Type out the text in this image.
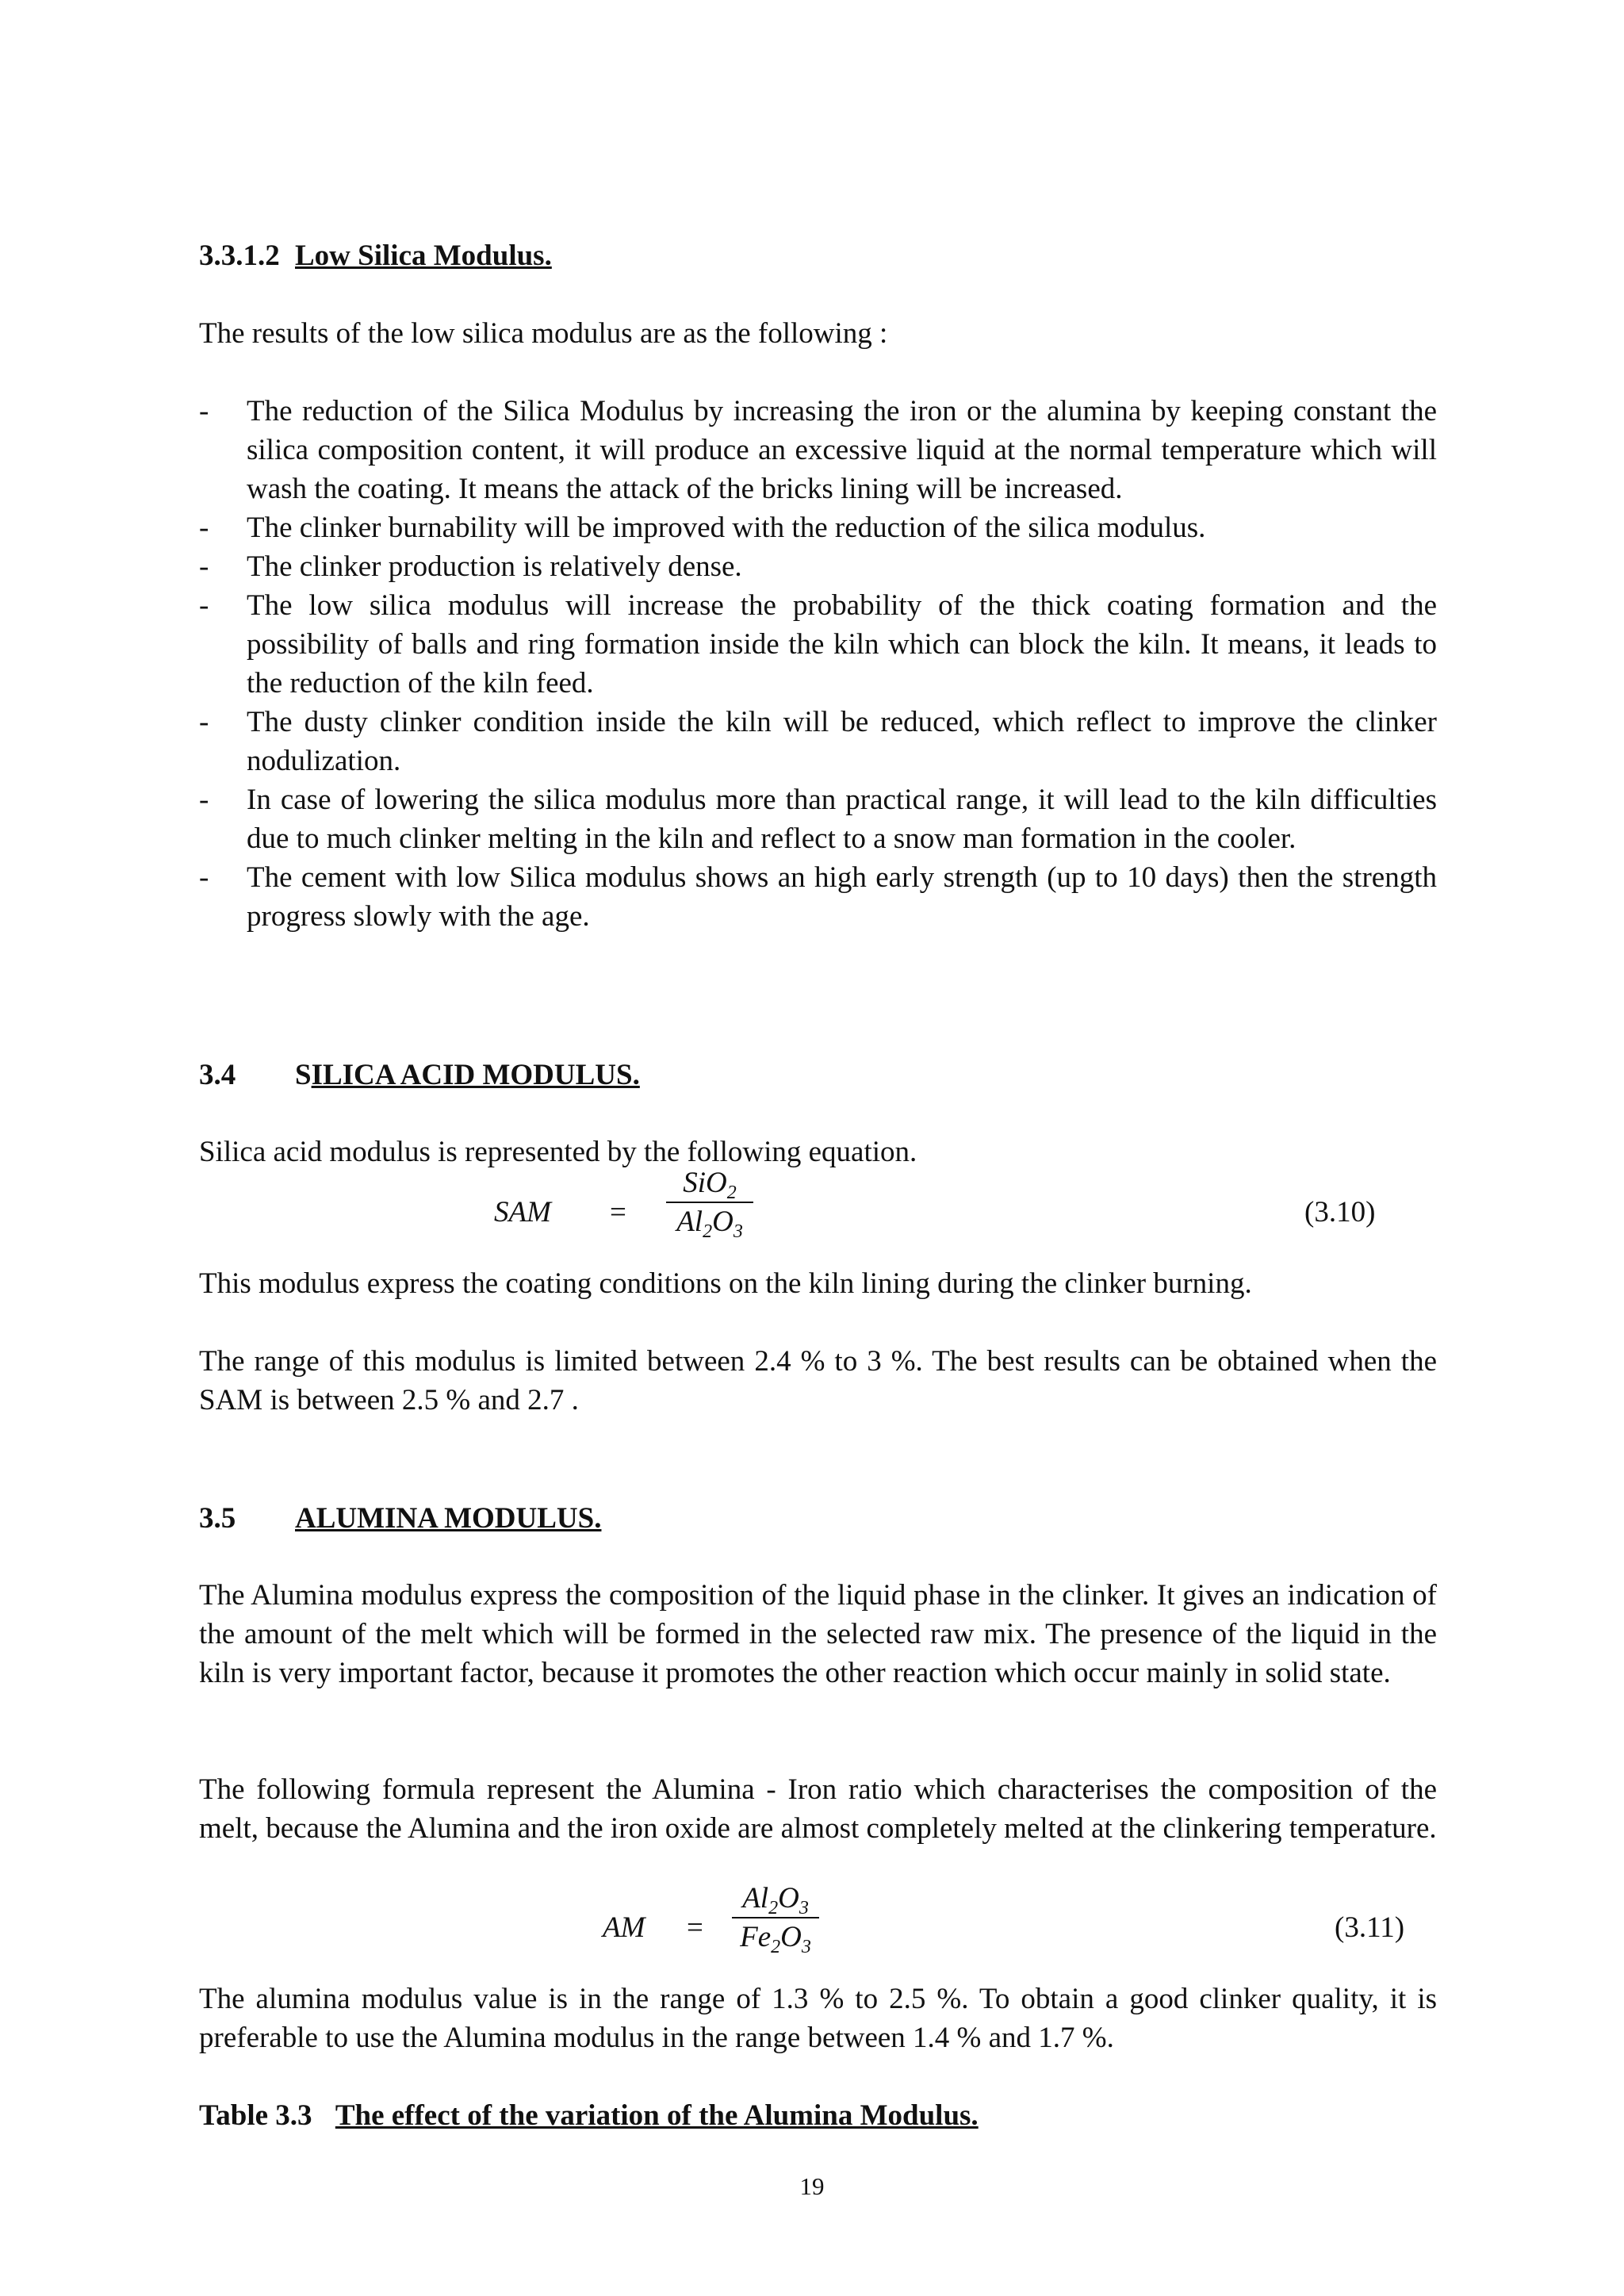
3.3.1.2 Low Silica Modulus.

The results of the low silica modulus are as the following :

- The reduction of the Silica Modulus by increasing the iron or the alumina by keeping constant the silica composition content, it will produce an excessive liquid at the normal temperature which will wash the coating. It means the attack of the bricks lining will be increased.
- The clinker burnability will be improved with the reduction of the silica modulus.
- The clinker production is relatively dense.
- The low silica modulus will increase the probability of the thick coating formation and the possibility of balls and ring formation inside the kiln which can block the kiln. It means, it leads to the reduction of the kiln feed.
- The dusty clinker condition inside the kiln will be reduced, which reflect to improve the clinker nodulization.
- In case of lowering the silica modulus more than practical range, it will lead to the kiln difficulties due to much clinker melting in the kiln and reflect to a snow man formation in the cooler.
- The cement with low Silica modulus shows an high early strength (up to 10 days) then the strength progress slowly with the age.
3.4 SILICA ACID MODULUS.

Silica acid modulus is represented by the following equation.

SAM =
SiO$_2$
$Al_2O_3$
(3.10)

This modulus express the coating conditions on the kiln lining during the clinker burning.

The range of this modulus is limited between 2.4 % to 3 %. The best results can be obtained when the SAM is between 2.5 % and 2.7 .

3.5 ALUMINA MODULUS.

The Alumina modulus express the composition of the liquid phase in the clinker. It gives an indication of the amount of the melt which will be formed in the selected raw mix. The presence of the liquid in the kiln is very important factor, because it promotes the other reaction which occur mainly in solid state.

The following formula represent the Alumina - Iron ratio which characterises the composition of the melt, because the Alumina and the iron oxide are almost completely melted at the clinkering temperature.

AM =
$Al_2O_3$
$Fe_2O_3$
(3.11)

The alumina modulus value is in the range of 1.3 % to 2.5 %. To obtain a good clinker quality, it is preferable to use the Alumina modulus in the range between 1.4 % and 1.7 %.

Table 3.3 The effect of the variation of the Alumina Modulus.
19
